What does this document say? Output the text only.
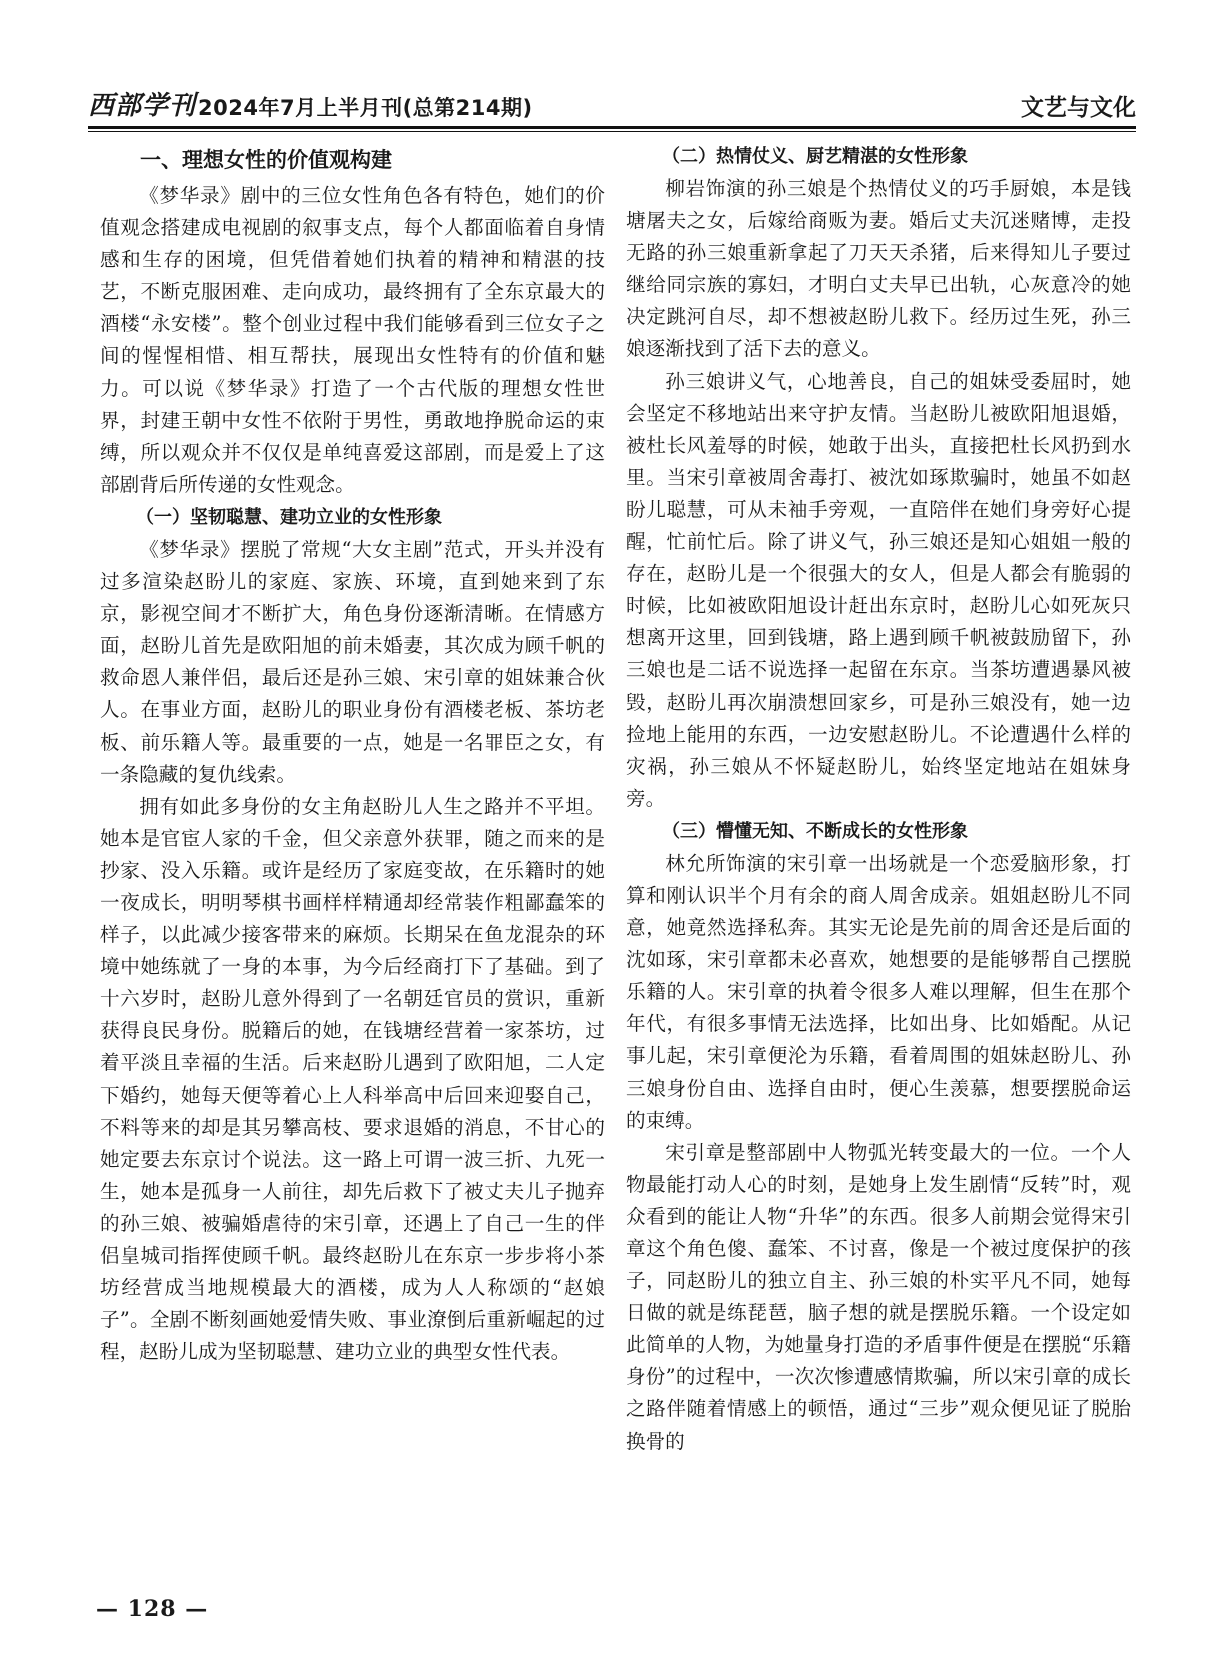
西部学刊 2024年7月上半月刊(总第214期)	文艺与文化
一、理想女性的价值观构建

《梦华录》剧中的三位女性角色各有特色，她们的价值观念搭建成电视剧的叙事支点，每个人都面临着自身情感和生存的困境，但凭借着她们执着的精神和精湛的技艺，不断克服困难、走向成功，最终拥有了全东京最大的酒楼“永安楼”。整个创业过程中我们能够看到三位女子之间的惺惺相惜、相互帮扶，展现出女性特有的价值和魅力。可以说《梦华录》打造了一个古代版的理想女性世界，封建王朝中女性不依附于男性，勇敢地挣脱命运的束缚，所以观众并不仅仅是单纯喜爱这部剧，而是爱上了这部剧背后所传递的女性观念。

（一）坚韧聪慧、建功立业的女性形象

《梦华录》摆脱了常规“大女主剧”范式，开头并没有过多渲染赵盼儿的家庭、家族、环境，直到她来到了东京，影视空间才不断扩大，角色身份逐渐清晰。在情感方面，赵盼儿首先是欧阳旭的前未婚妻，其次成为顾千帆的救命恩人兼伴侣，最后还是孙三娘、宋引章的姐妹兼合伙人。在事业方面，赵盼儿的职业身份有酒楼老板、茶坊老板、前乐籍人等。最重要的一点，她是一名罪臣之女，有一条隐藏的复仇线索。

拥有如此多身份的女主角赵盼儿人生之路并不平坦。她本是官宦人家的千金，但父亲意外获罪，随之而来的是抄家、没入乐籍。或许是经历了家庭变故，在乐籍时的她一夜成长，明明琴棋书画样样精通却经常装作粗鄙蠢笨的样子，以此减少接客带来的麻烦。长期呆在鱼龙混杂的环境中她练就了一身的本事，为今后经商打下了基础。到了十六岁时，赵盼儿意外得到了一名朝廷官员的赏识，重新获得良民身份。脱籍后的她，在钱塘经营着一家茶坊，过着平淡且幸福的生活。后来赵盼儿遇到了欧阳旭，二人定下婚约，她每天便等着心上人科举高中后回来迎娶自己，不料等来的却是其另攀高枝、要求退婚的消息，不甘心的她定要去东京讨个说法。这一路上可谓一波三折、九死一生，她本是孤身一人前往，却先后救下了被丈夫儿子抛弃的孙三娘、被骗婚虐待的宋引章，还遇上了自己一生的伴侣皇城司指挥使顾千帆。最终赵盼儿在东京一步步将小茶坊经营成当地规模最大的酒楼，成为人人称颂的“赵娘子”。全剧不断刻画她爱情失败、事业潦倒后重新崛起的过程，赵盼儿成为坚韧聪慧、建功立业的典型女性代表。

（二）热情仗义、厨艺精湛的女性形象

柳岩饰演的孙三娘是个热情仗义的巧手厨娘，本是钱塘屠夫之女，后嫁给商贩为妻。婚后丈夫沉迷赌博，走投无路的孙三娘重新拿起了刀天天杀猪，后来得知儿子要过继给同宗族的寡妇，才明白丈夫早已出轨，心灰意冷的她决定跳河自尽，却不想被赵盼儿救下。经历过生死，孙三娘逐渐找到了活下去的意义。

孙三娘讲义气，心地善良，自己的姐妹受委屈时，她会坚定不移地站出来守护友情。当赵盼儿被欧阳旭退婚，被杜长风羞辱的时候，她敢于出头，直接把杜长风扔到水里。当宋引章被周舍毒打、被沈如琢欺骗时，她虽不如赵盼儿聪慧，可从未袖手旁观，一直陪伴在她们身旁好心提醒，忙前忙后。除了讲义气，孙三娘还是知心姐姐一般的存在，赵盼儿是一个很强大的女人，但是人都会有脆弱的时候，比如被欧阳旭设计赶出东京时，赵盼儿心如死灰只想离开这里，回到钱塘，路上遇到顾千帆被鼓励留下，孙三娘也是二话不说选择一起留在东京。当茶坊遭遇暴风被毁，赵盼儿再次崩溃想回家乡，可是孙三娘没有，她一边捡地上能用的东西，一边安慰赵盼儿。不论遭遇什么样的灾祸，孙三娘从不怀疑赵盼儿，始终坚定地站在姐妹身旁。

（三）懵懂无知、不断成长的女性形象

林允所饰演的宋引章一出场就是一个恋爱脑形象，打算和刚认识半个月有余的商人周舍成亲。姐姐赵盼儿不同意，她竟然选择私奔。其实无论是先前的周舍还是后面的沈如琢，宋引章都未必喜欢，她想要的是能够帮自己摆脱乐籍的人。宋引章的执着令很多人难以理解，但生在那个年代，有很多事情无法选择，比如出身、比如婚配。从记事儿起，宋引章便沦为乐籍，看着周围的姐妹赵盼儿、孙三娘身份自由、选择自由时，便心生羡慕，想要摆脱命运的束缚。

宋引章是整部剧中人物弧光转变最大的一位。一个人物最能打动人心的时刻，是她身上发生剧情“反转”时，观众看到的能让人物“升华”的东西。很多人前期会觉得宋引章这个角色傻、蠢笨、不讨喜，像是一个被过度保护的孩子，同赵盼儿的独立自主、孙三娘的朴实平凡不同，她每日做的就是练琵琶，脑子想的就是摆脱乐籍。一个设定如此简单的人物，为她量身打造的矛盾事件便是在摆脱“乐籍身份”的过程中，一次次惨遭感情欺骗，所以宋引章的成长之路伴随着情感上的顿悟，通过“三步”观众便见证了脱胎换骨的

— 128 —
